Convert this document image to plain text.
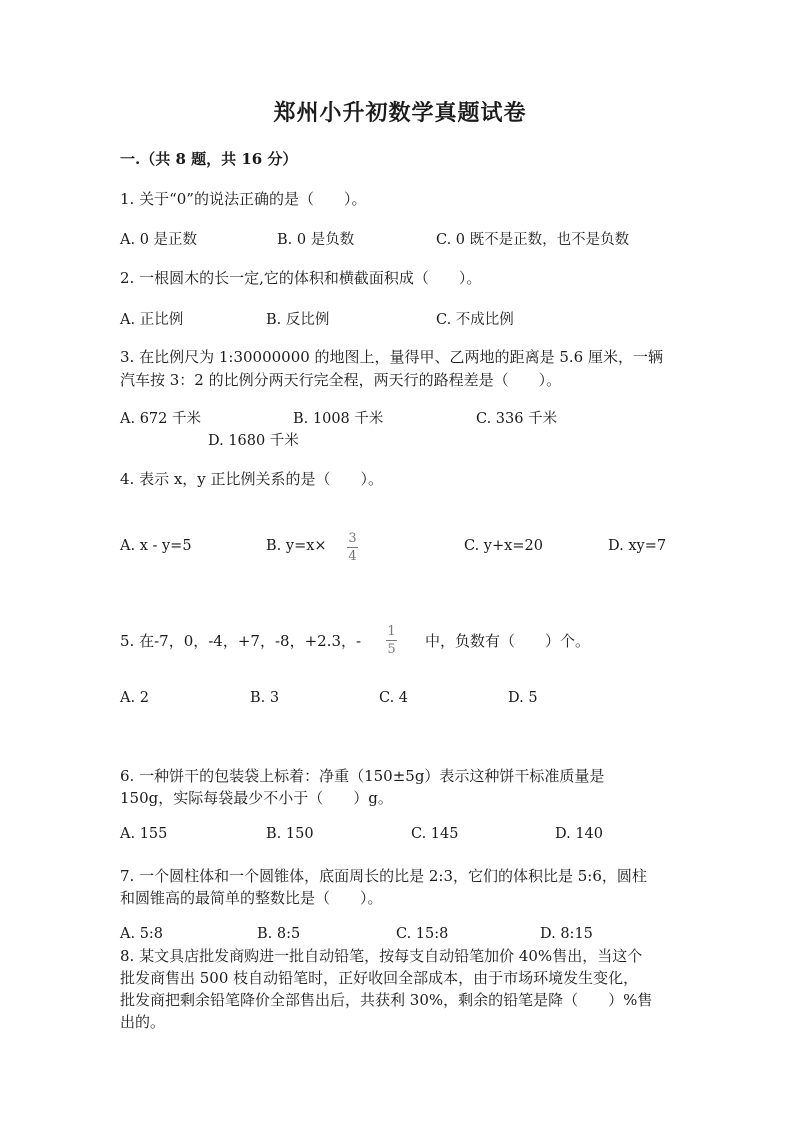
郑州小升初数学真题试卷
一.（共 8 题，共 16 分）
1. 关于“0”的说法正确的是（　　）。
A. 0 是正数	B. 0 是负数	C. 0 既不是正数，也不是负数
2. 一根圆木的长一定,它的体积和横截面积成（　　）。
A. 正比例	B. 反比例	C. 不成比例
3. 在比例尺为 1:30000000 的地图上，量得甲、乙两地的距离是 5.6 厘米，一辆
汽车按 3：2 的比例分两天行完全程，两天行的路程差是（　　）。
A. 672 千米	B. 1008 千米	C. 336 千米
D. 1680 千米
4. 表示 x，y 正比例关系的是（　　）。
A. x - y=5	B. y=x× 3
4
C. y+x=20	D. xy=7
5. 在-7，0，-4，+7，-8，+2.3，-
1
5 中，负数有（　　）个。
A. 2	B. 3	C. 4	D. 5
6. 一种饼干的包装袋上标着：净重（150±5g）表示这种饼干标准质量是
150g，实际每袋最少不小于（　　）g。
A. 155	B. 150	C. 145	D. 140
7. 一个圆柱体和一个圆锥体，底面周长的比是 2:3，它们的体积比是 5:6，圆柱
和圆锥高的最简单的整数比是（　　）。
A. 5:8	B. 8:5	C. 15:8	D. 8:15
8. 某文具店批发商购进一批自动铅笔，按每支自动铅笔加价 40%售出，当这个
批发商售出 500 枝自动铅笔时，正好收回全部成本，由于市场环境发生变化，
批发商把剩余铅笔降价全部售出后，共获利 30%，剩余的铅笔是降（　　）%售
出的。
